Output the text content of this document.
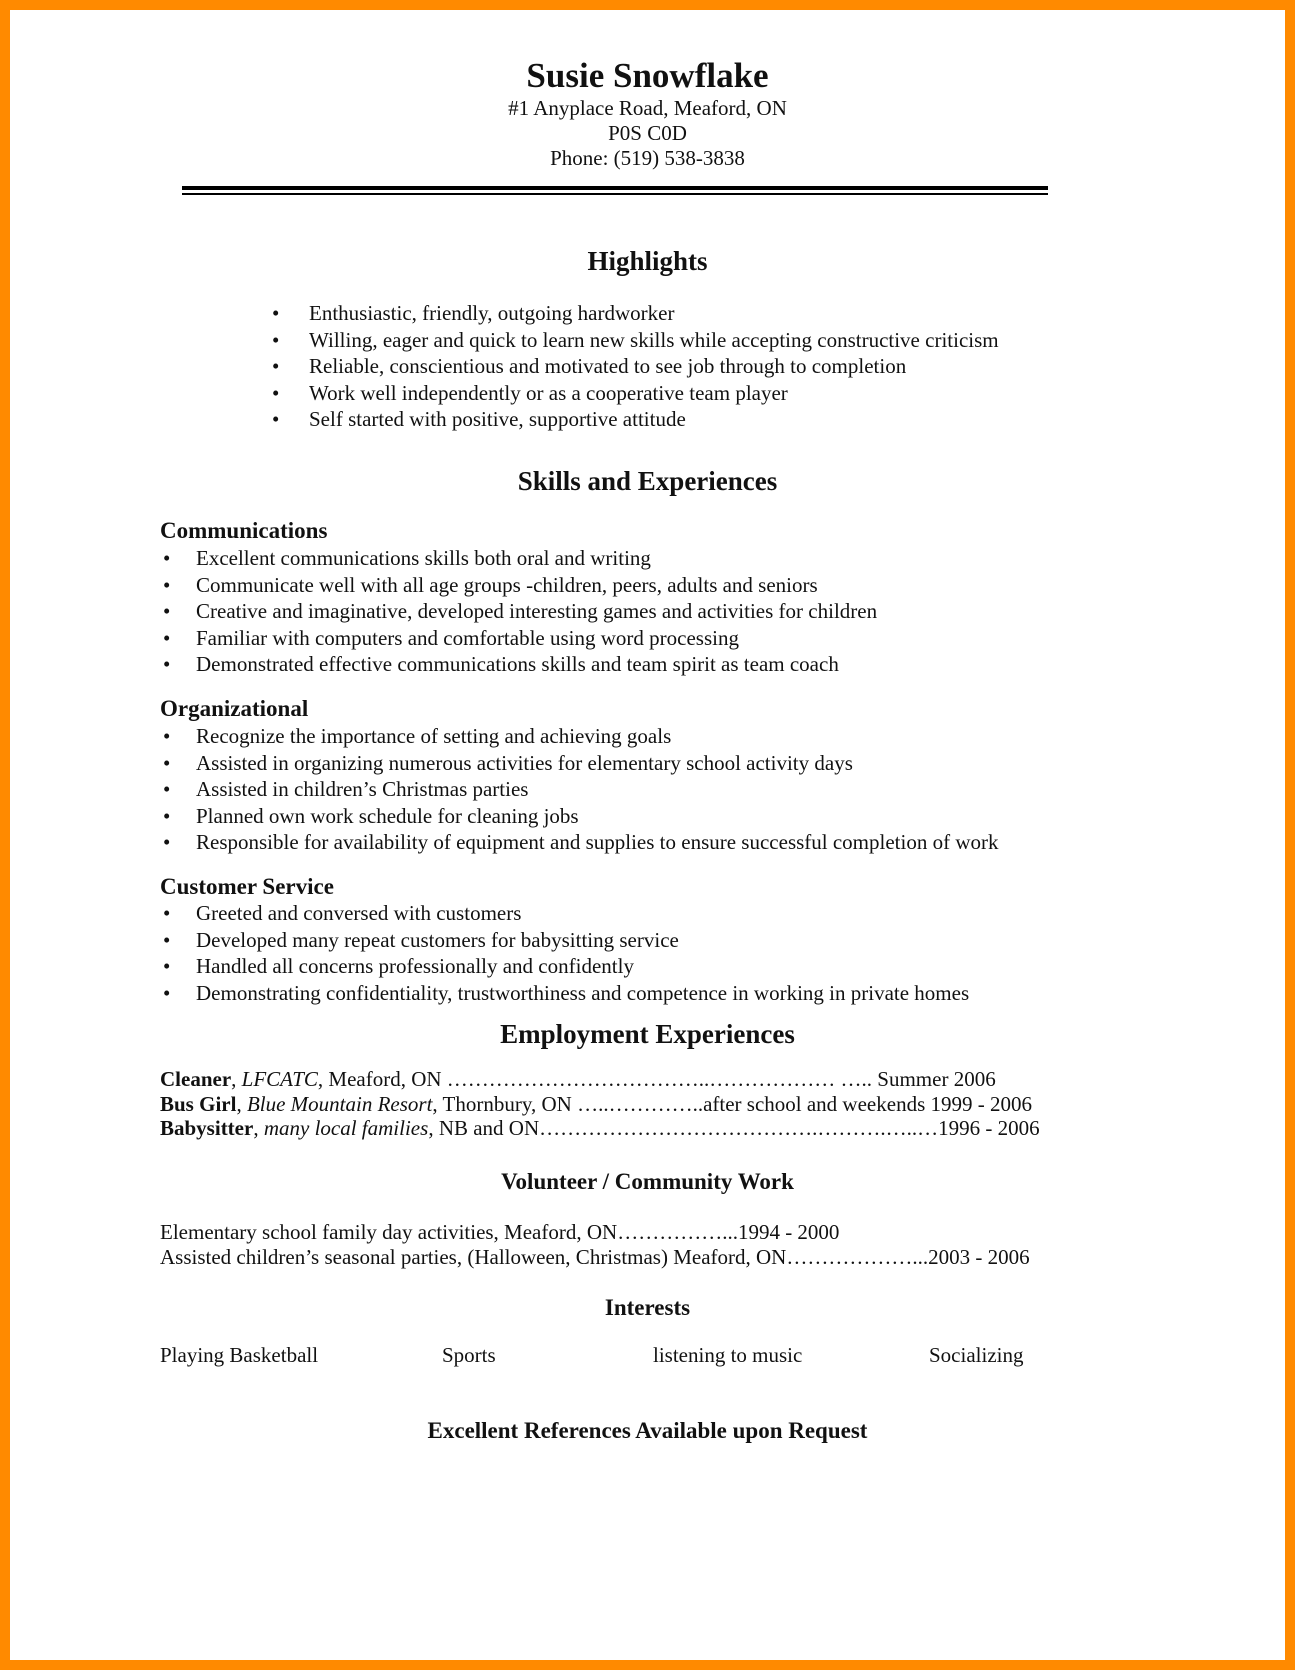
Susie Snowflake
#1 Anyplace Road, Meaford, ON
P0S C0D
Phone: (519) 538-3838
Highlights
• Enthusiastic, friendly, outgoing hardworker
• Willing, eager and quick to learn new skills while accepting constructive criticism
• Reliable, conscientious and motivated to see job through to completion
• Work well independently or as a cooperative team player
• Self started with positive, supportive attitude
Skills and Experiences
Communications
• Excellent communications skills both oral and writing
• Communicate well with all age groups -children, peers, adults and seniors
• Creative and imaginative, developed interesting games and activities for children
• Familiar with computers and comfortable using word processing
• Demonstrated effective communications skills and team spirit as team coach
Organizational
• Recognize the importance of setting and achieving goals
• Assisted in organizing numerous activities for elementary school activity days
• Assisted in children’s Christmas parties
• Planned own work schedule for cleaning jobs
• Responsible for availability of equipment and supplies to ensure successful completion of work
Customer Service
• Greeted and conversed with customers
• Developed many repeat customers for babysitting service
• Handled all concerns professionally and confidently
• Demonstrating confidentiality, trustworthiness and competence in working in private homes
Employment Experiences
Cleaner, LFCATC, Meaford, ON ………………………………..……………… ….. Summer 2006
Bus Girl, Blue Mountain Resort, Thornbury, ON …..…………..after school and weekends 1999 - 2006
Babysitter, many local families, NB and ON………………………………….……….…..…1996 - 2006
Volunteer / Community Work
Elementary school family day activities, Meaford, ON……………...1994 - 2000
Assisted children’s seasonal parties, (Halloween, Christmas) Meaford, ON………………...2003 - 2006
Interests
Playing Basketball	Sports	listening to music	Socializing
Excellent References Available upon Request
